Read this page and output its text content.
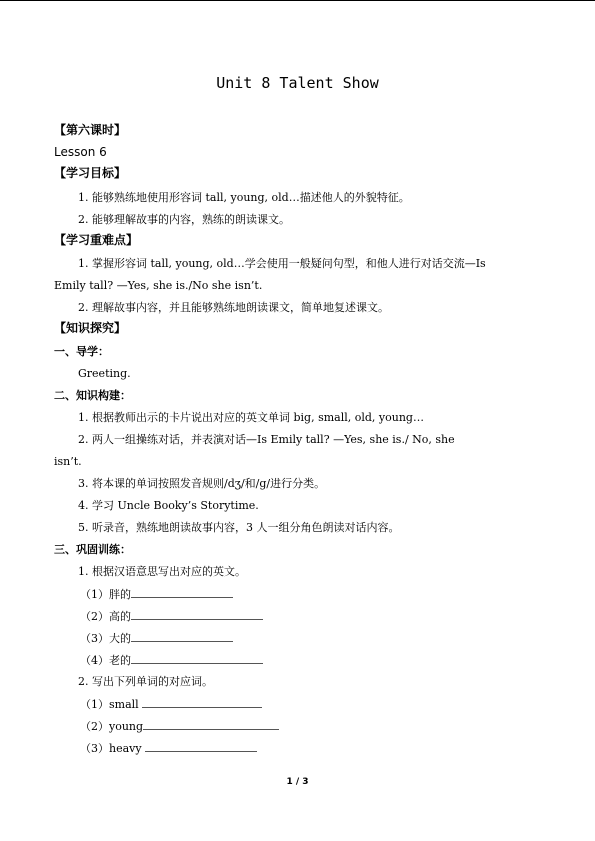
Unit 8 Talent Show
【第六课时】
Lesson 6
【学习目标】
1. 能够熟练地使用形容词 tall, young, old…描述他人的外貌特征。
2. 能够理解故事的内容，熟练的朗读课文。
【学习重难点】
1. 掌握形容词 tall, young, old…学会使用一般疑问句型，和他人进行对话交流—Is
Emily tall? —Yes, she is./No she isn’t.
2. 理解故事内容，并且能够熟练地朗读课文，简单地复述课文。
【知识探究】
一、导学：
Greeting.
二、知识构建：
1. 根据教师出示的卡片说出对应的英文单词 big, small, old, young…
2. 两人一组操练对话，并表演对话—Is Emily tall? —Yes, she is./ No, she
isn’t.
3. 将本课的单词按照发音规则/dʒ/和/g/进行分类。
4. 学习 Uncle Booky’s Storytime.
5. 听录音，熟练地朗读故事内容，3 人一组分角色朗读对话内容。
三、巩固训练：
1. 根据汉语意思写出对应的英文。
（1）胖的
（2）高的
（3）大的
（4）老的
2. 写出下列单词的对应词。
（1）small
（2）young
（3）heavy
1 / 3
